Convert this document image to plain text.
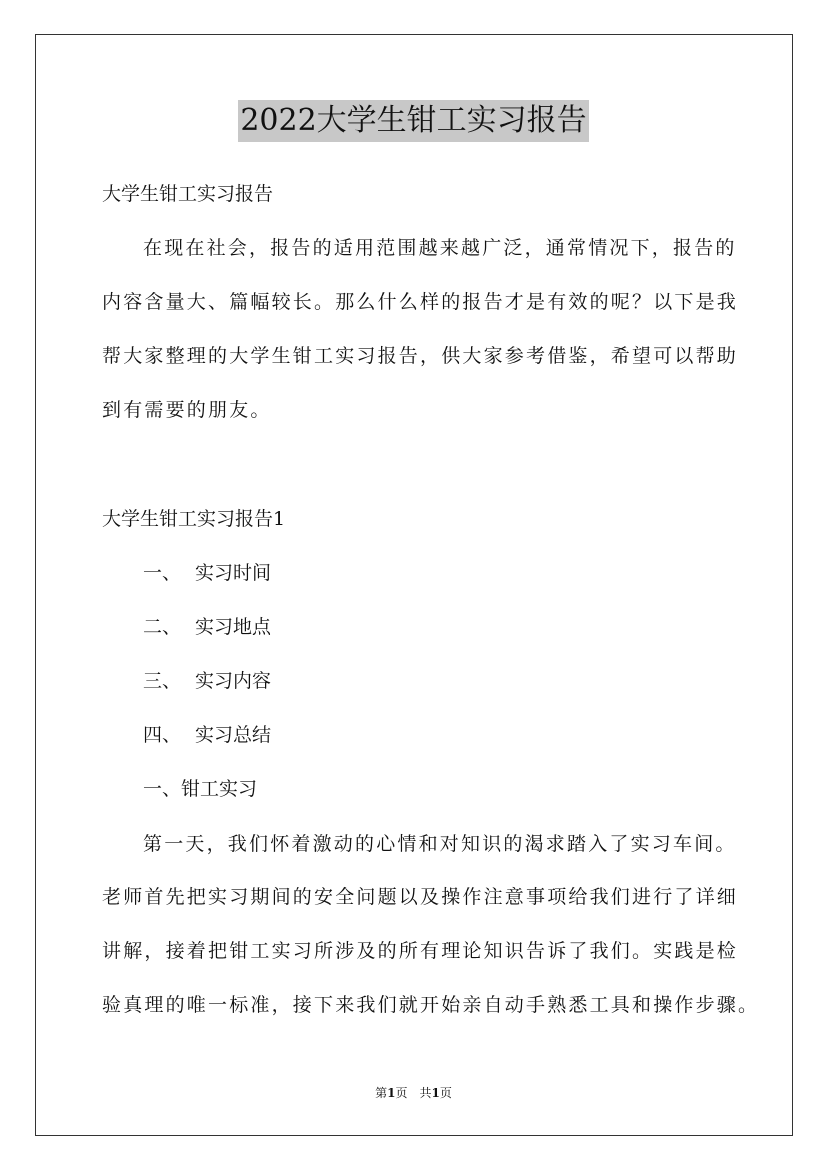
2022大学生钳工实习报告
大学生钳工实习报告
在现在社会，报告的适用范围越来越广泛，通常情况下，报告的
内容含量大、篇幅较长。那么什么样的报告才是有效的呢？以下是我
帮大家整理的大学生钳工实习报告，供大家参考借鉴，希望可以帮助
到有需要的朋友。
大学生钳工实习报告1
一、 实习时间
二、 实习地点
三、 实习内容
四、 实习总结
一、钳工实习
第一天，我们怀着激动的心情和对知识的渴求踏入了实习车间。
老师首先把实习期间的安全问题以及操作注意事项给我们进行了详细
讲解，接着把钳工实习所涉及的所有理论知识告诉了我们。实践是检
验真理的唯一标准，接下来我们就开始亲自动手熟悉工具和操作步骤。
第1页　共1页
